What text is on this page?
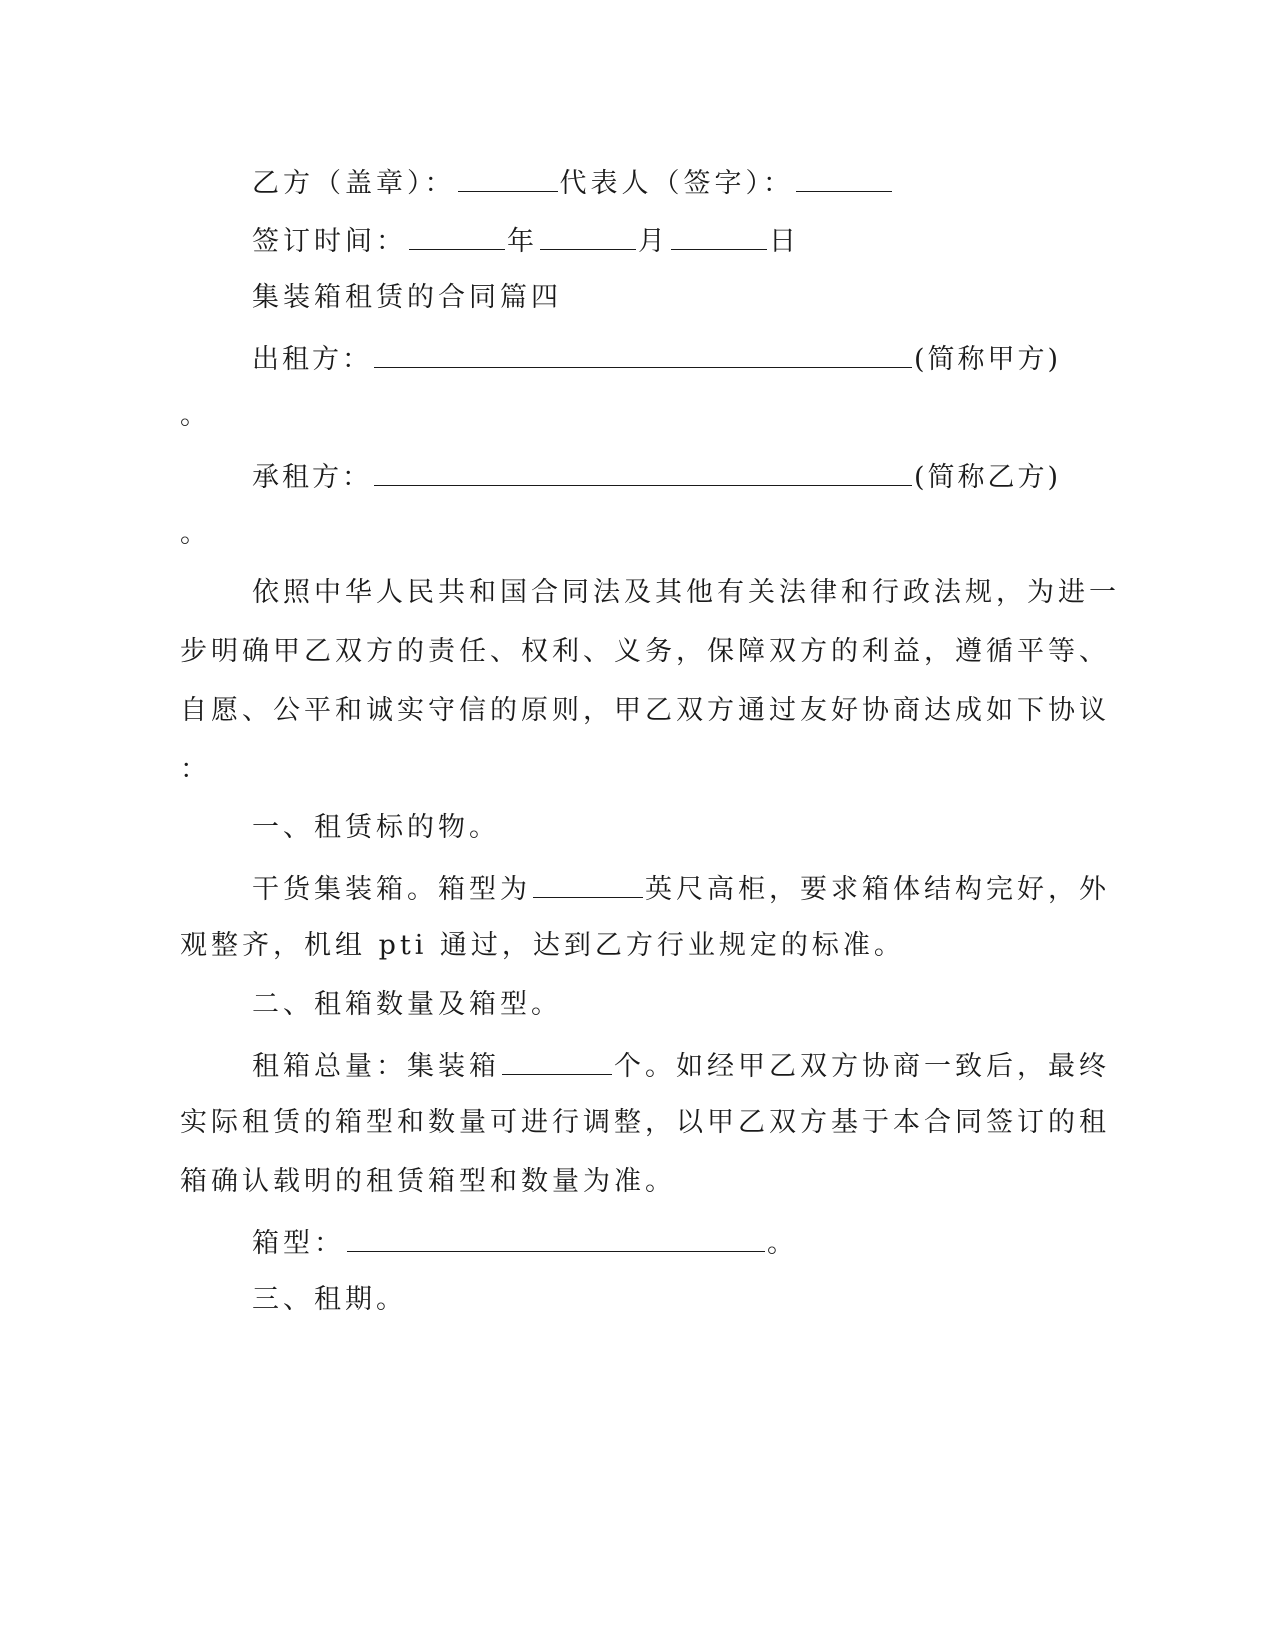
乙方（盖章）：	代表人（签字）：
签订时间：	年	月	日
集装箱租赁的合同篇四
出租方：	(简称甲方)
。
承租方：	(简称乙方)
。
依照中华人民共和国合同法及其他有关法律和行政法规，为进一
步明确甲乙双方的责任、权利、义务，保障双方的利益，遵循平等、
自愿、公平和诚实守信的原则，甲乙双方通过友好协商达成如下协议
：
一、租赁标的物。
干货集装箱。箱型为	英尺高柜，要求箱体结构完好，外
观整齐，机组 pti 通过，达到乙方行业规定的标准。
二、租箱数量及箱型。
租箱总量：集装箱	个。如经甲乙双方协商一致后，最终
实际租赁的箱型和数量可进行调整，以甲乙双方基于本合同签订的租
箱确认载明的租赁箱型和数量为准。
箱型：	。
三、租期。
